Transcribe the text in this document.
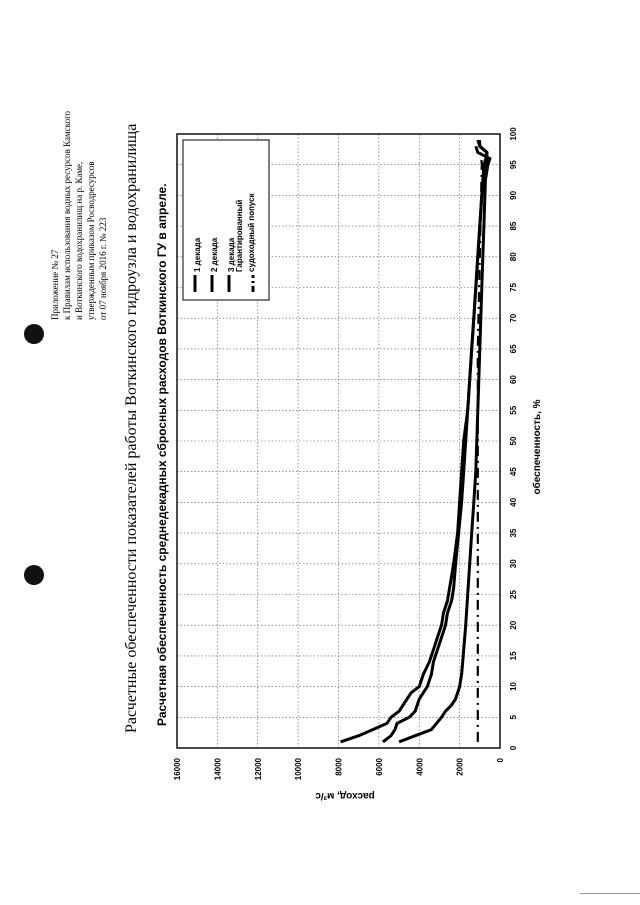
Приложение № 27 к Правилам использования водных ресурсов Камского и Воткинского водохранилищ на р. Каме, утвержденным приказом Росводресурсов от 07 ноября 2016 г. № 223 Расчетные обеспеченности показателей работы Воткинского гидроузла и водохранилища Расчетная обеспеченность среднедекадных сбросных расходов Воткинского ГУ в апреле.
0
2000
4000
6000
8000
10000
12000
14000
16000
0
5
10
15
20
25
30
35
40
45
50
55
60
65
70
75
80
85
90
95
100
расход, м³/с
обеспеченность, %
1 декада 2 декада 3 декада Гарантированный судоходный попуск
